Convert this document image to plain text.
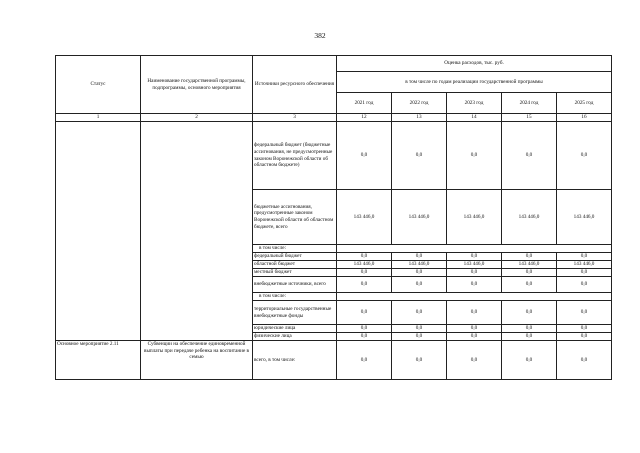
382
Статус	Наименование государственной программы, подпрограммы, основного мероприятия	Источники ресурсного обеспечения	Оценка расходов, тыс. руб.				
			в том числе по годам реализации государственной программы				
			2021 год	2022 год	2023 год	2024 год	2025 год
1	2	3	12	13	14	15	16
		федеральный бюджет (бюджетные ассигнования, не предусмотренные законом Воронежской области об областном бюджете)	0,0	0,0	0,0	0,0	0,0
		бюджетные ассигнования, предусмотренные законом Воронежской области об областном бюджете, всего	143 446,0	143 446,0	143 446,0	143 446,0	143 446,0
		в том числе:					
		федеральный бюджет	0,0	0,0	0,0	0,0	0,0
		областной бюджет	143 446,0	143 446,0	143 446,0	143 446,0	143 446,0
		местный бюджет	0,0	0,0	0,0	0,0	0,0
		внебюджетные источники, всего	0,0	0,0	0,0	0,0	0,0
		в том числе:					
		территориальные государственные внебюджетные фонды	0,0	0,0	0,0	0,0	0,0
		юридические лица	0,0	0,0	0,0	0,0	0,0
		физические лица	0,0	0,0	0,0	0,0	0,0
Основное мероприятие 2.11	Субвенции на обеспечение единовременной выплаты при передаче ребенка на воспитание в семью	всего, в том числе:	0,0	0,0	0,0	0,0	0,0
